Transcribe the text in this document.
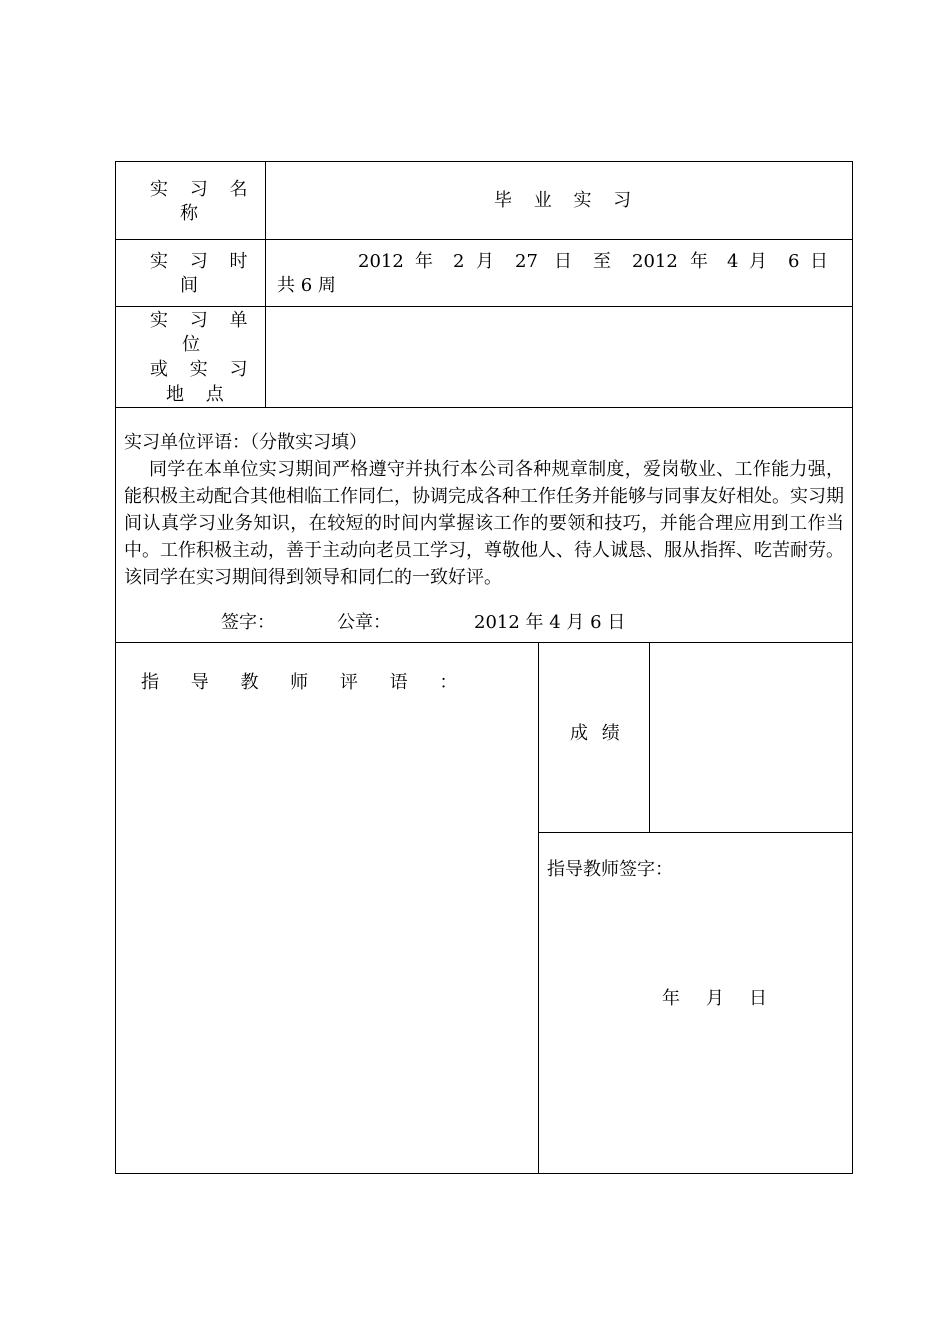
实 习 名
称
毕 业 实 习
实 习 时
间
2012 年 2 月 27 日 至 2012 年 4 月 6 日
共 6 周
实 习 单
位
或 实 习
地 点
实习单位评语：（分散实习填）
同学在本单位实习期间严格遵守并执行本公司各种规章制度，爱岗敬业、工作能力强，能积极主动配合其他相临工作同仁，协调完成各种工作任务并能够与同事友好相处。实习期间认真学习业务知识，在较短的时间内掌握该工作的要领和技巧，并能合理应用到工作当中。工作积极主动，善于主动向老员工学习，尊敬他人、待人诚恳、服从指挥、吃苦耐劳。该同学在实习期间得到领导和同仁的一致好评。
签字：	公章：	2012 年 4 月 6 日
指 导 教 师 评 语 ：
成 绩
指导教师签字：
年 月 日
